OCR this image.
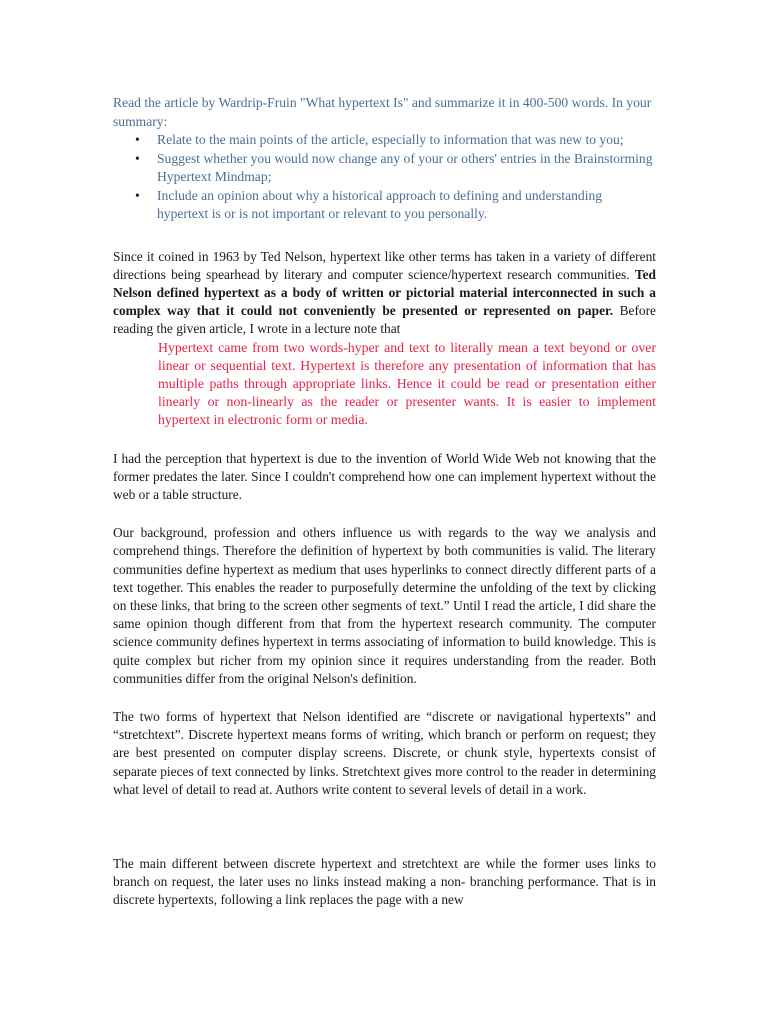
Read the article by Wardrip-Fruin "What hypertext Is" and summarize it in 400-500 words. In your summary:

• Relate to the main points of the article, especially to information that was new to you;
• Suggest whether you would now change any of your or others' entries in the Brainstorming Hypertext Mindmap;
• Include an opinion about why a historical approach to defining and understanding hypertext is or is not important or relevant to you personally.

Since it coined in 1963 by Ted Nelson, hypertext like other terms has taken in a variety of different directions being spearhead by literary and computer science/hypertext research communities. Ted Nelson defined hypertext as a body of written or pictorial material interconnected in such a complex way that it could not conveniently be presented or represented on paper. Before reading the given article, I wrote in a lecture note that

Hypertext came from two words-hyper and text to literally mean a text beyond or over linear or sequential text. Hypertext is therefore any presentation of information that has multiple paths through appropriate links. Hence it could be read or presentation either linearly or non-linearly as the reader or presenter wants. It is easier to implement hypertext in electronic form or media.

I had the perception that hypertext is due to the invention of World Wide Web not knowing that the former predates the later. Since I couldn't comprehend how one can implement hypertext without the web or a table structure.

Our background, profession and others influence us with regards to the way we analysis and comprehend things. Therefore the definition of hypertext by both communities is valid. The literary communities define hypertext as medium that uses hyperlinks to connect directly different parts of a text together. This enables the reader to purposefully determine the unfolding of the text by clicking on these links, that bring to the screen other segments of text.” Until I read the article, I did share the same opinion though different from that from the hypertext research community. The computer science community defines hypertext in terms associating of information to build knowledge. This is quite complex but richer from my opinion since it requires understanding from the reader. Both communities differ from the original Nelson's definition.

The two forms of hypertext that Nelson identified are “discrete or navigational hypertexts” and “stretchtext”. Discrete hypertext means forms of writing, which branch or perform on request; they are best presented on computer display screens. Discrete, or chunk style, hypertexts consist of separate pieces of text connected by links. Stretchtext gives more control to the reader in determining what level of detail to read at. Authors write content to several levels of detail in a work.

The main different between discrete hypertext and stretchtext are while the former uses links to branch on request, the later uses no links instead making a non- branching performance. That is in discrete hypertexts, following a link replaces the page with a new
